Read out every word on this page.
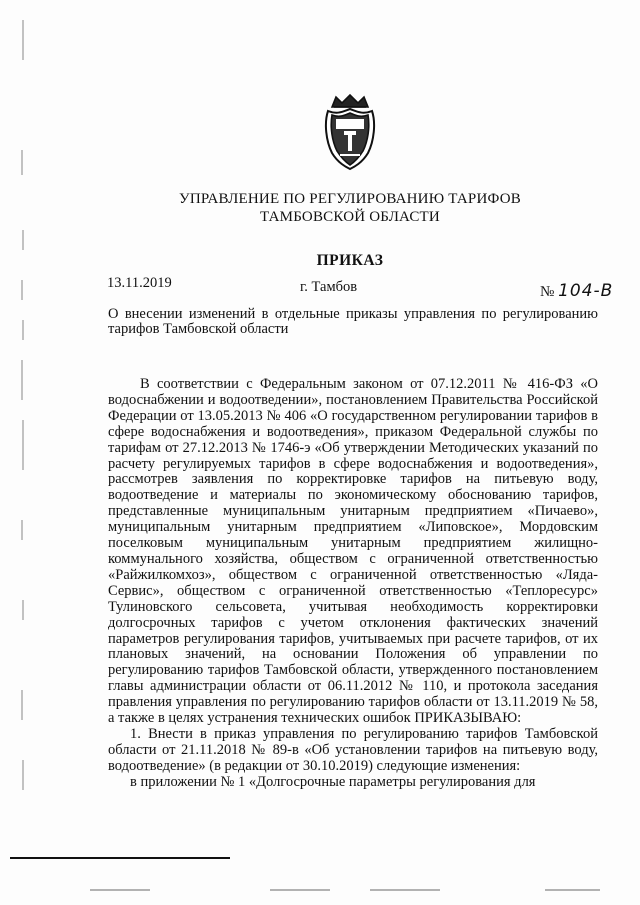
УПРАВЛЕНИЕ ПО РЕГУЛИРОВАНИЮ ТАРИФОВ
ТАМБОВСКОЙ ОБЛАСТИ
ПРИКАЗ
13.11.2019	г. Тамбов	№ 104-В
О внесении изменений в отдельные приказы управления по регулированию тарифов Тамбовской области

В соответствии с Федеральным законом от 07.12.2011 № 416-ФЗ «О водоснабжении и водоотведении», постановлением Правительства Российской Федерации от 13.05.2013 № 406 «О государственном регулировании тарифов в сфере водоснабжения и водоотведения», приказом Федеральной службы по тарифам от 27.12.2013 № 1746-э «Об утверждении Методических указаний по расчету регулируемых тарифов в сфере водоснабжения и водоотведения», рассмотрев заявления по корректировке тарифов на питьевую воду, водоотведение и материалы по экономическому обоснованию тарифов, представленные муниципальным унитарным предприятием «Пичаево», муниципальным унитарным предприятием «Липовское», Мордовским поселковым муниципальным унитарным предприятием жилищно-коммунального хозяйства, обществом с ограниченной ответственностью «Райжилкомхоз», обществом с ограниченной ответственностью «Лядa-Сервис», обществом с ограниченной ответственностью «Теплоресурс» Тулиновского сельсовета, учитывая необходимость корректировки долгосрочных тарифов с учетом отклонения фактических значений параметров регулирования тарифов, учитываемых при расчете тарифов, от их плановых значений, на основании Положения об управлении по регулированию тарифов Тамбовской области, утвержденного постановлением главы администрации области от 06.11.2012 № 110, и протокола заседания правления управления по регулированию тарифов области от 13.11.2019 № 58, а также в целях устранения технических ошибок ПРИКАЗЫВАЮ:

1. Внести в приказ управления по регулированию тарифов Тамбовской области от 21.11.2018 № 89-в «Об установлении тарифов на питьевую воду, водоотведение» (в редакции от 30.10.2019) следующие изменения:

в приложении № 1 «Долгосрочные параметры регулирования для
